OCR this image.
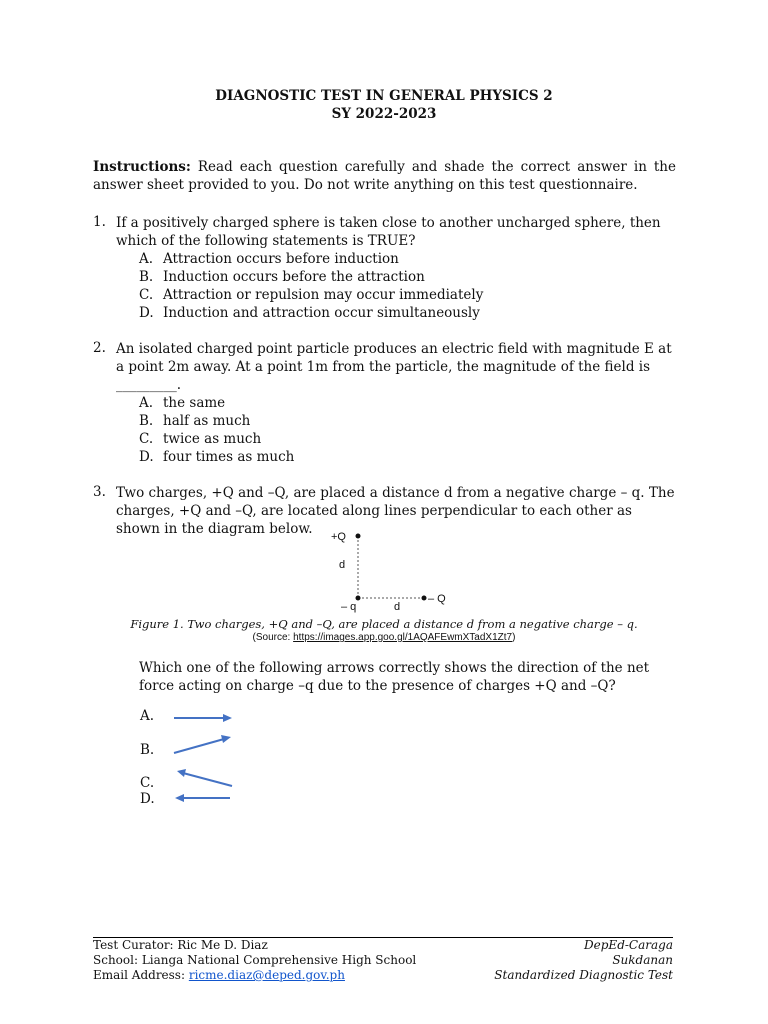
DIAGNOSTIC TEST IN GENERAL PHYSICS 2
SY 2022-2023
Instructions: Read each question carefully and shade the correct answer in the answer sheet provided to you. Do not write anything on this test questionnaire.
1. If a positively charged sphere is taken close to another uncharged sphere, then which of the following statements is TRUE?
A. Attraction occurs before induction
B. Induction occurs before the attraction
C. Attraction or repulsion may occur immediately
D. Induction and attraction occur simultaneously
2. An isolated charged point particle produces an electric field with magnitude E at a point 2m away. At a point 1m from the particle, the magnitude of the field is _________.
A. the same
B. half as much
C. twice as much
D. four times as much
3. Two charges, +Q and –Q, are placed a distance d from a negative charge – q. The charges, +Q and –Q, are located along lines perpendicular to each other as shown in the diagram below.	+Q
d
– q	d
– Q
Figure 1. Two charges, +Q and –Q, are placed a distance d from a negative charge – q.
(Source: https://images.app.goo.gl/1AQAFEwmXTadX1Zt7)
Which one of the following arrows correctly shows the direction of the net force acting on charge –q due to the presence of charges +Q and –Q?
A.
B.
C.
D.
Test Curator: Ric Me D. Diaz
School: Lianga National Comprehensive High School
Email Address: ricme.diaz@deped.gov.ph
DepEd-Caraga
Sukdanan
Standardized Diagnostic Test
